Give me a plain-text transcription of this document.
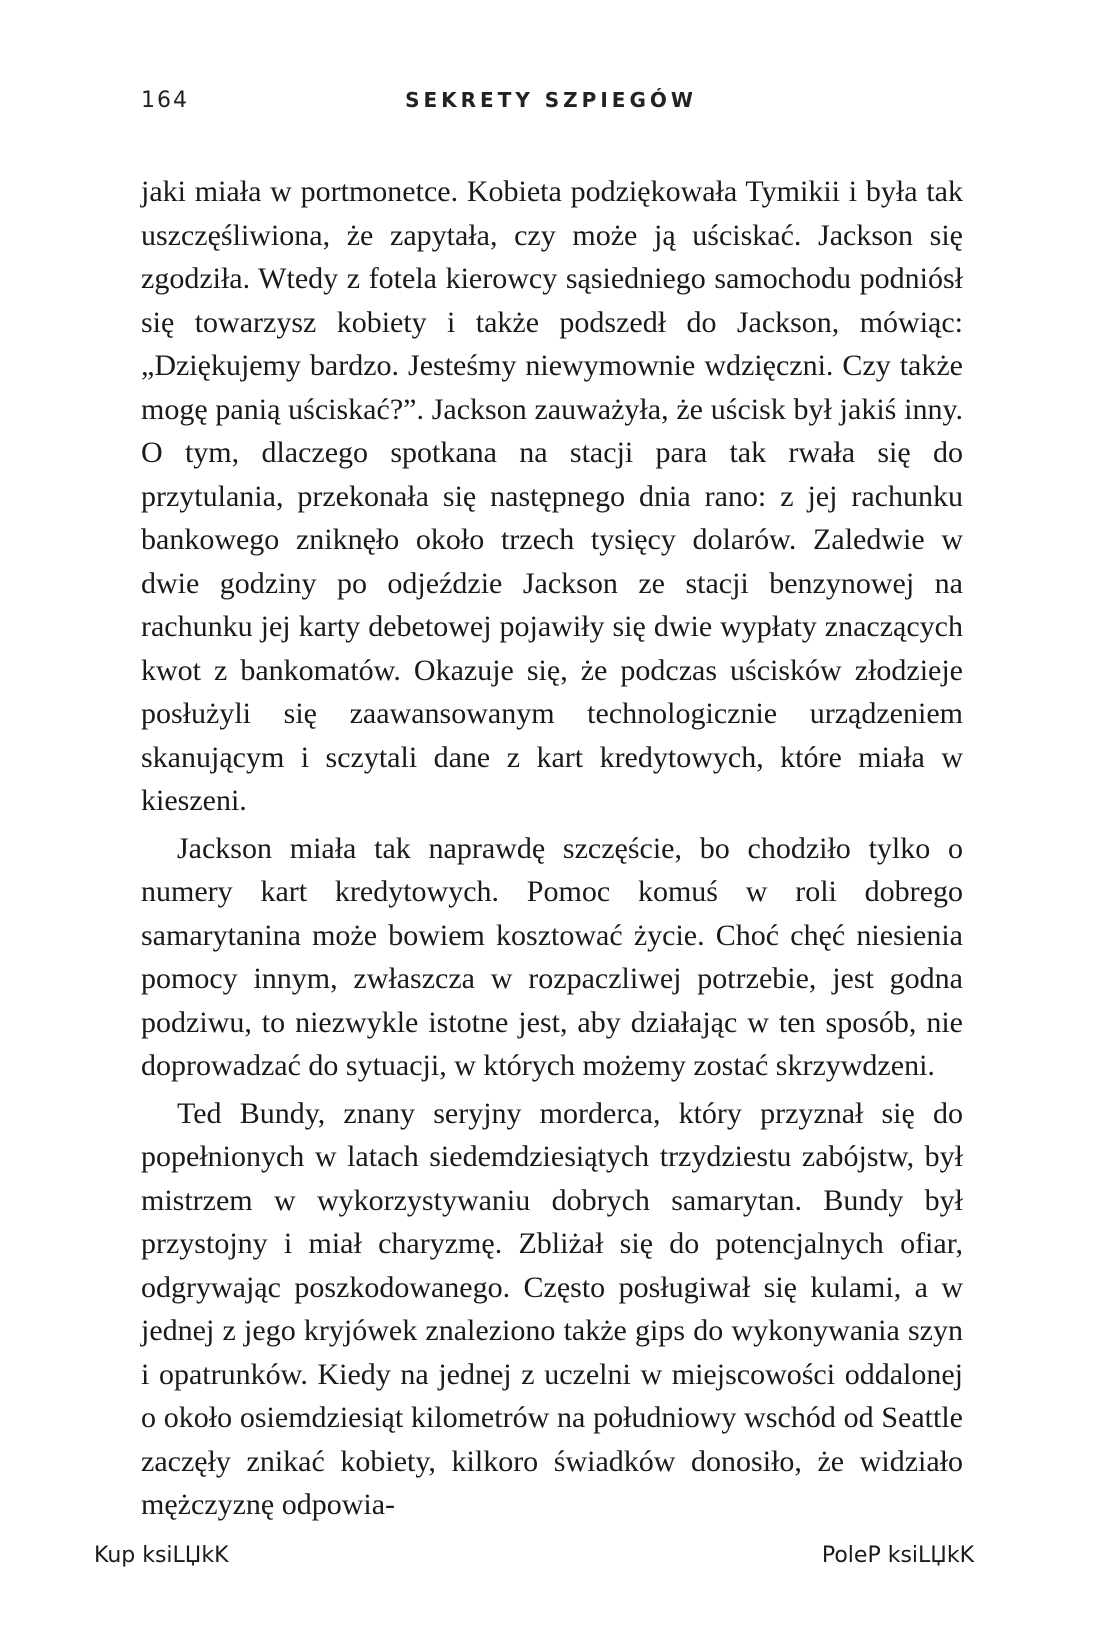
164	SEKRETY SZPIEGÓW

jaki miała w portmonetce. Kobieta podziękowała Tymikii i była tak uszczęśliwiona, że zapytała, czy może ją uściskać. Jackson się zgodziła. Wtedy z fotela kierowcy sąsiedniego samochodu podniósł się towarzysz kobiety i także podszedł do Jackson, mówiąc: „Dziękujemy bardzo. Jesteśmy niewymownie wdzięczni. Czy także mogę panią uściskać?”. Jackson zauważyła, że uścisk był jakiś inny. O tym, dlaczego spotkana na stacji para tak rwała się do przytulania, przekonała się następnego dnia rano: z jej rachunku bankowego zniknęło około trzech tysięcy dolarów. Zaledwie w dwie godziny po odjeździe Jackson ze stacji benzynowej na rachunku jej karty debetowej pojawiły się dwie wypłaty znaczących kwot z bankomatów. Okazuje się, że podczas uścisków złodzieje posłużyli się zaawansowanym technologicznie urządzeniem skanującym i sczytali dane z kart kredytowych, które miała w kieszeni.

Jackson miała tak naprawdę szczęście, bo chodziło tylko o numery kart kredytowych. Pomoc komuś w roli dobrego samarytanina może bowiem kosztować życie. Choć chęć niesienia pomocy innym, zwłaszcza w rozpaczliwej potrzebie, jest godna podziwu, to niezwykle istotne jest, aby działając w ten sposób, nie doprowadzać do sytuacji, w których możemy zostać skrzywdzeni.

Ted Bundy, znany seryjny morderca, który przyznał się do popełnionych w latach siedemdziesiątych trzydziestu zabójstw, był mistrzem w wykorzystywaniu dobrych samarytan. Bundy był przystojny i miał charyzmę. Zbliżał się do potencjalnych ofiar, odgrywając poszkodowanego. Często posługiwał się kulami, a w jednej z jego kryjówek znaleziono także gips do wykonywania szyn i opatrunków. Kiedy na jednej z uczelni w miejscowości oddalonej o około osiemdziesiąt kilometrów na południowy wschód od Seattle zaczęły znikać kobiety, kilkoro świadków donosiło, że widziało mężczyznę odpowia-

Kup ksiLЏkK	PoleP ksiLЏkK
